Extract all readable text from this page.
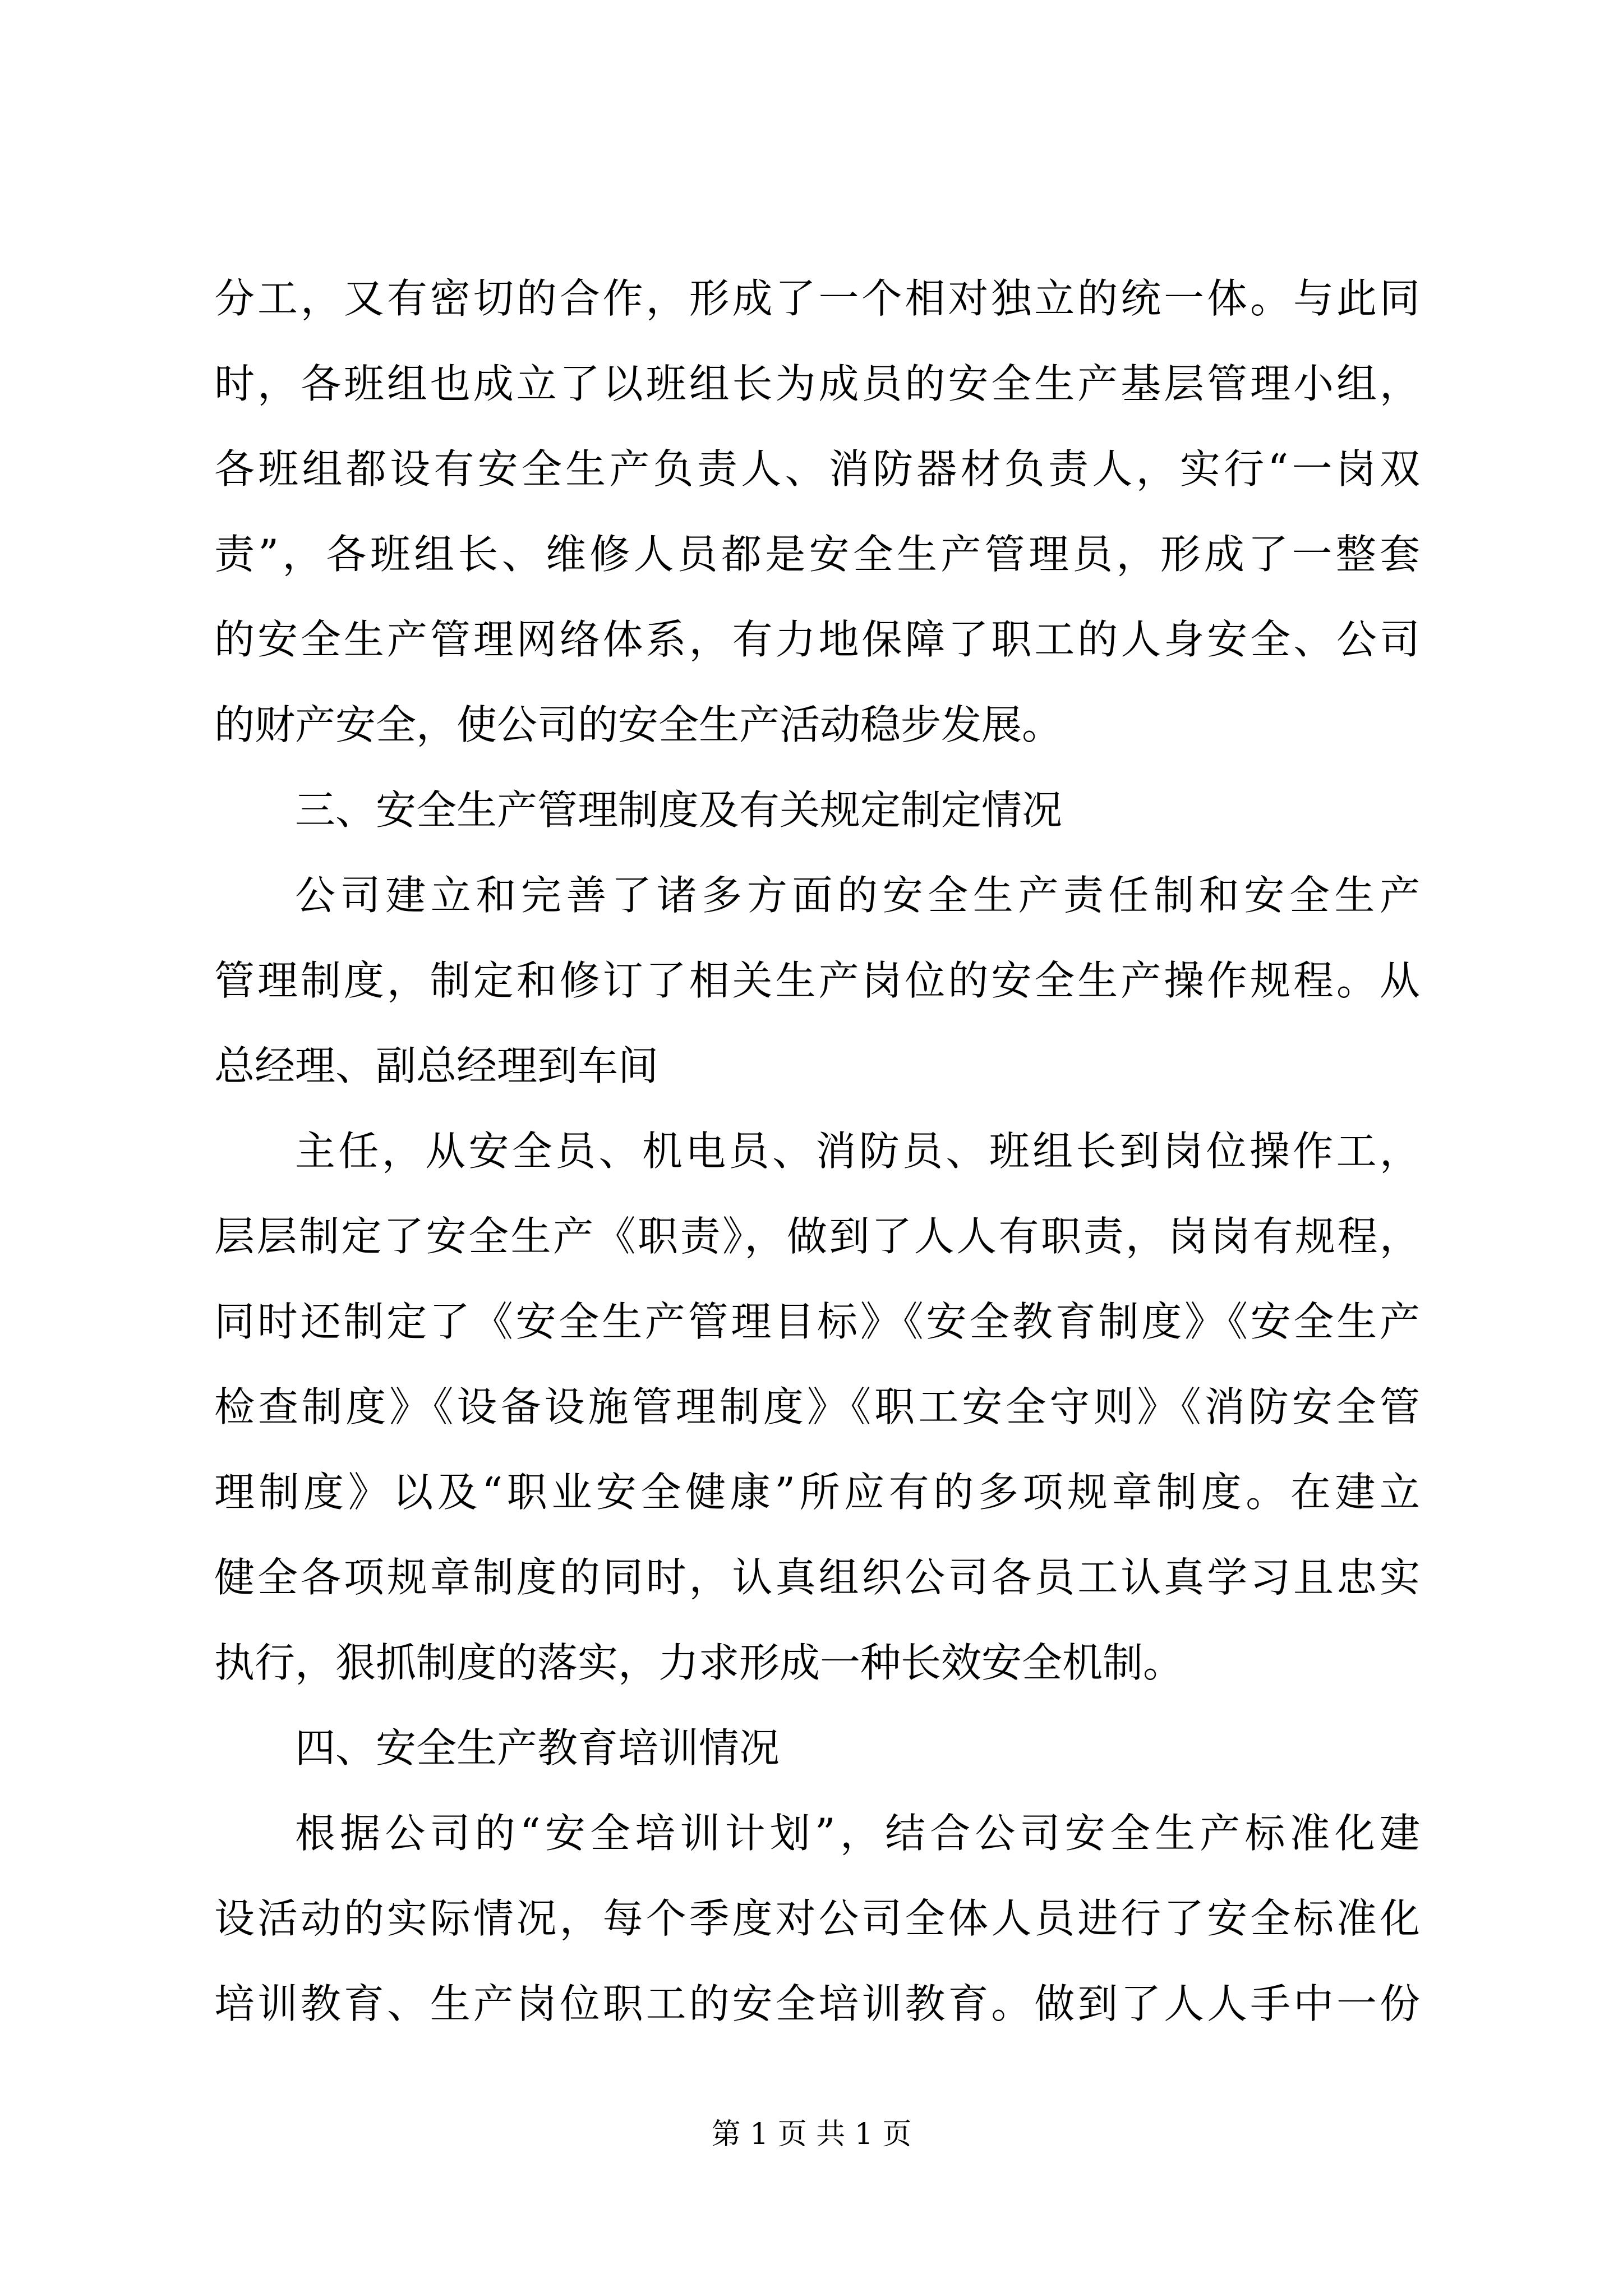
分工，又有密切的合作，形成了一个相对独立的统一体。与此同
时，各班组也成立了以班组长为成员的安全生产基层管理小组，
各班组都设有安全生产负责人、消防器材负责人，实行“一岗双
责”，各班组长、维修人员都是安全生产管理员，形成了一整套
的安全生产管理网络体系，有力地保障了职工的人身安全、公司
的财产安全，使公司的安全生产活动稳步发展。
三、安全生产管理制度及有关规定制定情况
公司建立和完善了诸多方面的安全生产责任制和安全生产
管理制度，制定和修订了相关生产岗位的安全生产操作规程。从
总经理、副总经理到车间
主任，从安全员、机电员、消防员、班组长到岗位操作工，
层层制定了安全生产《职责》，做到了人人有职责，岗岗有规程，
同时还制定了《安全生产管理目标》《安全教育制度》《安全生产
检查制度》《设备设施管理制度》《职工安全守则》《消防安全管
理制度》以及“职业安全健康”所应有的多项规章制度。在建立
健全各项规章制度的同时，认真组织公司各员工认真学习且忠实
执行，狠抓制度的落实，力求形成一种长效安全机制。
四、安全生产教育培训情况
根据公司的“安全培训计划”，结合公司安全生产标准化建
设活动的实际情况，每个季度对公司全体人员进行了安全标准化
培训教育、生产岗位职工的安全培训教育。做到了人人手中一份
第 1 页 共 1 页
